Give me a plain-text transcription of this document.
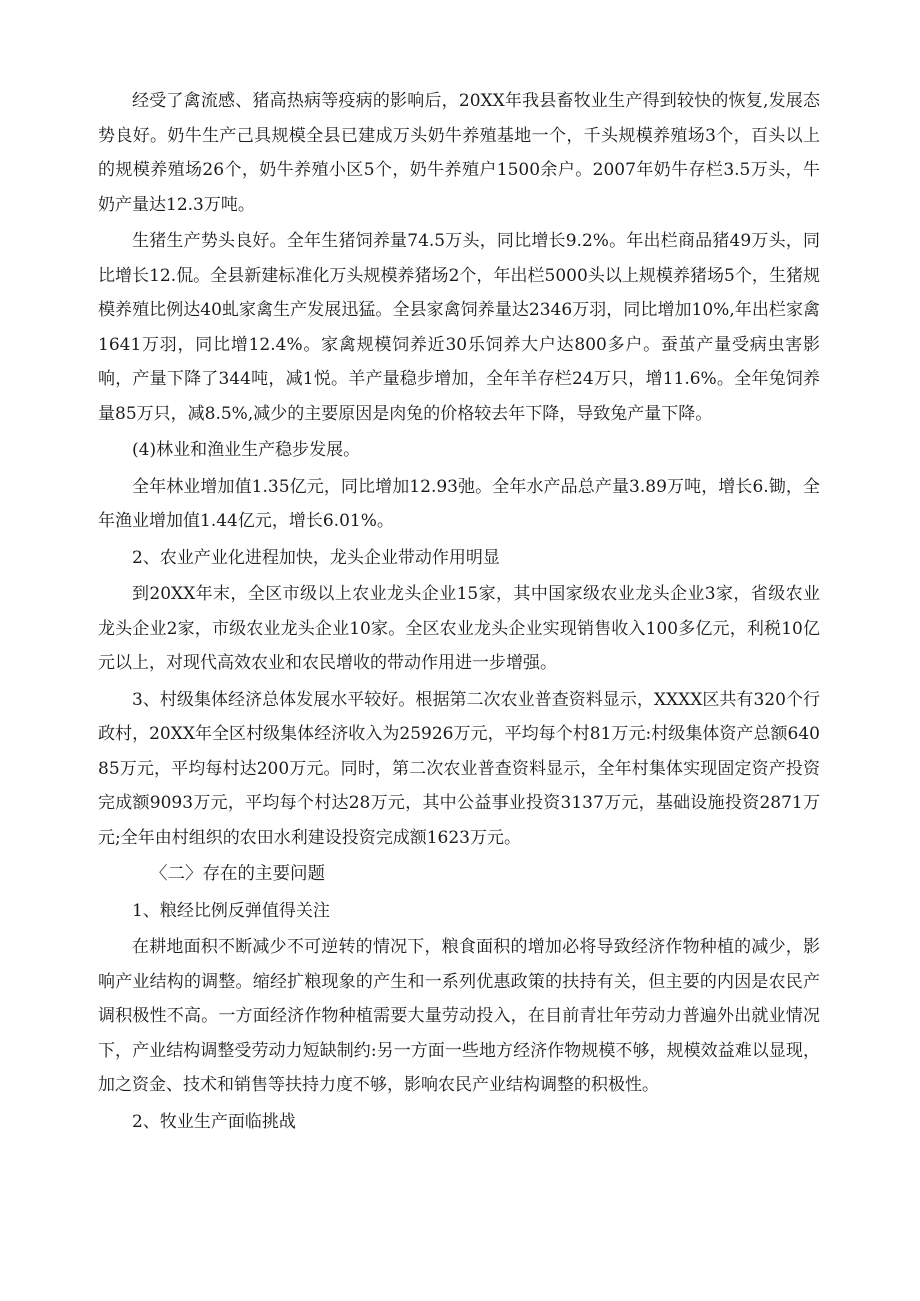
经受了禽流感、猪高热病等疫病的影响后，20XX年我县畜牧业生产得到较快的恢复,发展态势良好。奶牛生产己具规模全县已建成万头奶牛养殖基地一个，千头规模养殖场3个，百头以上的规模养殖场26个，奶牛养殖小区5个，奶牛养殖户1500余户。2007年奶牛存栏3.5万头，牛奶产量达12.3万吨。

生猪生产势头良好。全年生猪饲养量74.5万头，同比增长9.2%。年出栏商品猪49万头，同比增长12.侃。全县新建标准化万头规模养猪场2个，年出栏5000头以上规模养猪场5个，生猪规模养殖比例达40虬家禽生产发展迅猛。全县家禽饲养量达2346万羽，同比增加10%,年出栏家禽1641万羽，同比增12.4%。家禽规模饲养近30乐饲养大户达800多户。蚕茧产量受病虫害影响，产量下降了344吨，减1悦。羊产量稳步增加，全年羊存栏24万只，增11.6%。全年兔饲养量85万只，减8.5%,减少的主要原因是肉兔的价格较去年下降，导致兔产量下降。

(4)林业和渔业生产稳步发展。

全年林业增加值1.35亿元，同比增加12.93弛。全年水产品总产量3.89万吨，增长6.锄，全年渔业增加值1.44亿元，增长6.01%。

2、农业产业化进程加快，龙头企业带动作用明显

到20XX年末，全区市级以上农业龙头企业15家，其中国家级农业龙头企业3家，省级农业龙头企业2家，市级农业龙头企业10家。全区农业龙头企业实现销售收入100多亿元，利税10亿元以上，对现代高效农业和农民增收的带动作用进一步增强。

3、村级集体经济总体发展水平较好。根据第二次农业普查资料显示，XXXX区共有320个行政村，20XX年全区村级集体经济收入为25926万元，平均每个村81万元:村级集体资产总额64085万元，平均每村达200万元。同时，第二次农业普查资料显示，全年村集体实现固定资产投资完成额9093万元，平均每个村达28万元，其中公益事业投资3137万元，基础设施投资2871万元;全年由村组织的农田水利建设投资完成额1623万元。

〈二〉存在的主要问题

1、粮经比例反弹值得关注

在耕地面积不断减少不可逆转的情况下，粮食面积的增加必将导致经济作物种植的减少，影响产业结构的调整。缩经扩粮现象的产生和一系列优惠政策的扶持有关，但主要的内因是农民产调积极性不高。一方面经济作物种植需要大量劳动投入，在目前青壮年劳动力普遍外出就业情况下，产业结构调整受劳动力短缺制约:另一方面一些地方经济作物规模不够，规模效益难以显现，加之资金、技术和销售等扶持力度不够，影响农民产业结构调整的积极性。

2、牧业生产面临挑战
